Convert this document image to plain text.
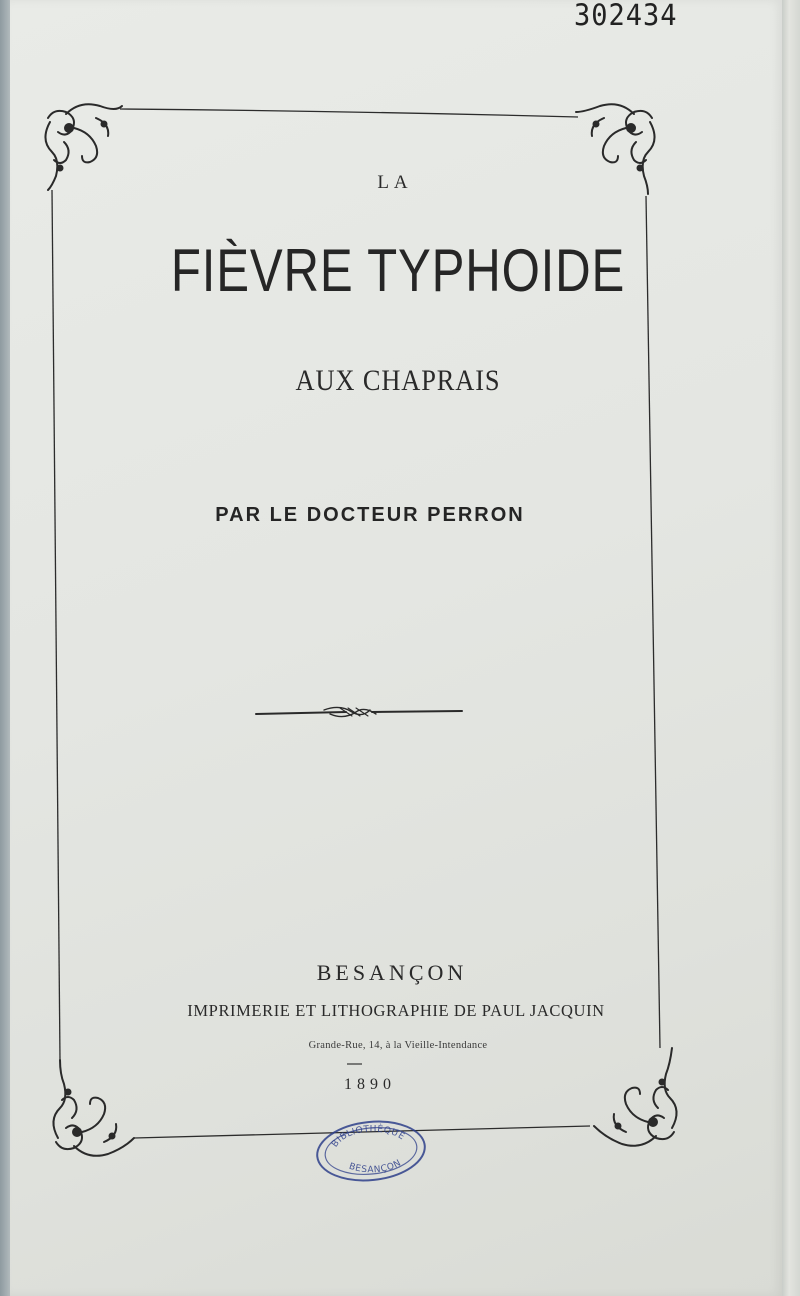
302434

LA

FIÈVRE TYPHOIDE

AUX CHAPRAIS

PAR LE DOCTEUR PERRON

BESANÇON

IMPRIMERIE ET LITHOGRAPHIE DE PAUL JACQUIN

Grande-Rue, 14, à la Vieille-Intendance

1890

BIBLIOTHÈQUE
BESANÇON
